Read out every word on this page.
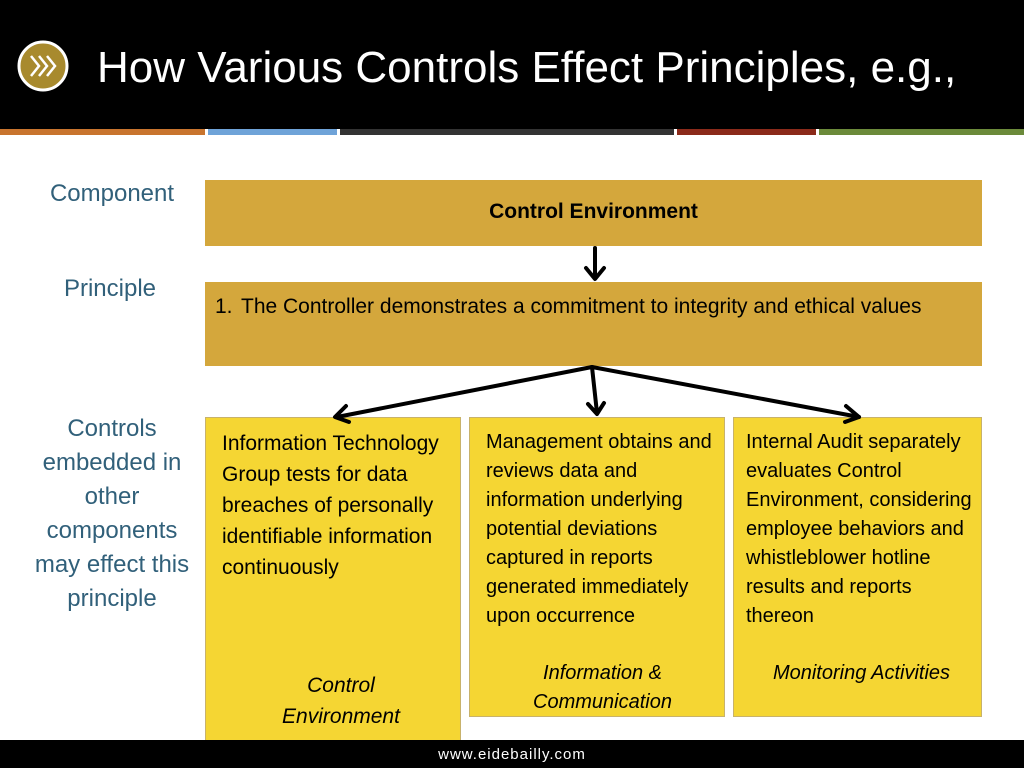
How Various Controls Effect Principles, e.g.,
Component
Principle
Controls embedded in other components may effect this principle
Control Environment
1. The Controller demonstrates a commitment to integrity and ethical values
Information Technology Group tests for data breaches of personally identifiable information continuously
Control Environment
Management obtains and reviews data and information underlying potential deviations captured in reports generated immediately upon occurrence
Information & Communication
Internal Audit separately evaluates Control Environment, considering employee behaviors and whistleblower hotline results and reports thereon
Monitoring Activities
www.eidebailly.com
